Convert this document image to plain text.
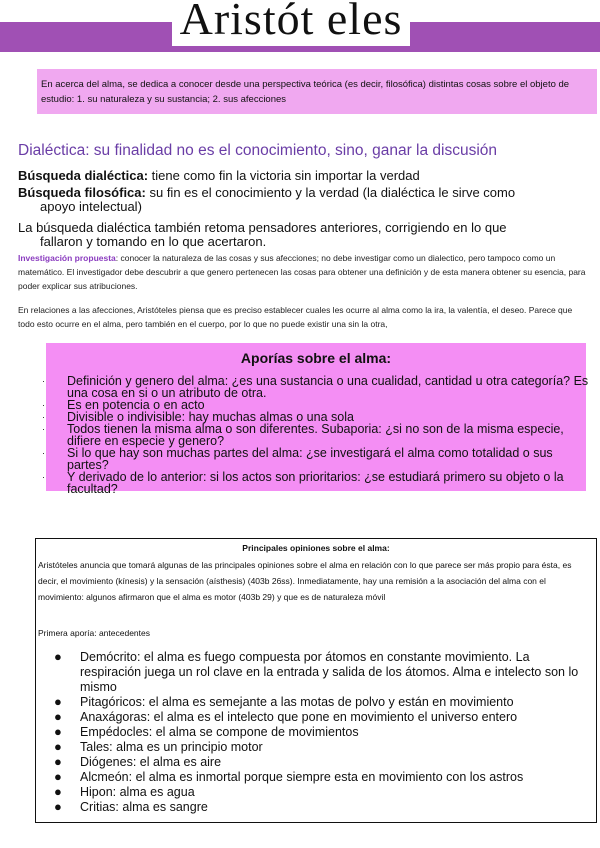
Aristót eles
En acerca del alma, se dedica a conocer desde una perspectiva teórica (es decir, filosófica) distintas cosas sobre el objeto de estudio: 1. su naturaleza y su sustancia; 2. sus afecciones
Dialéctica: su finalidad no es el conocimiento, sino, ganar la discusión
Búsqueda dialéctica: tiene como fin la victoria sin importar la verdad
Búsqueda filosófica: su fin es el conocimiento y la verdad (la dialéctica le sirve como
apoyo intelectual)
La búsqueda dialéctica también retoma pensadores anteriores, corrigiendo en lo que
fallaron y tomando en lo que acertaron.
Investigación propuesta: conocer la naturaleza de las cosas y sus afecciones; no debe investigar como un dialectico, pero tampoco como un matemático. El investigador debe descubrir a que genero pertenecen las cosas para obtener una definición y de esta manera obtener su esencia, para poder explicar sus atribuciones.
En relaciones a las afecciones, Aristóteles piensa que es preciso establecer cuales les ocurre al alma como la ira, la valentía, el deseo. Parece que todo esto ocurre en el alma, pero también en el cuerpo, por lo que no puede existir una sin la otra,
Aporías sobre el alma:
· Definición y genero del alma: ¿es una sustancia o una cualidad, cantidad u otra categoría? Es una cosa en si o un atributo de otra.
· Es en potencia o en acto
· Divisible o indivisible: hay muchas almas o una sola
· Todos tienen la misma alma o son diferentes. Subaporia: ¿si no son de la misma especie, difiere en especie y genero?
· Si lo que hay son muchas partes del alma: ¿se investigará el alma como totalidad o sus partes?
· Y derivado de lo anterior: si los actos son prioritarios: ¿se estudiará primero su objeto o la facultad?
Principales opiniones sobre el alma:
Aristóteles anuncia que tomará algunas de las principales opiniones sobre el alma en relación con lo que parece ser más propio para ésta, es decir, el movimiento (kínesis) y la sensación (aísthesis) (403b 26ss). Inmediatamente, hay una remisión a la asociación del alma con el movimiento: algunos afirmaron que el alma es motor (403b 29) y que es de naturaleza móvil
Primera aporía: antecedentes
● Demócrito: el alma es fuego compuesta por átomos en constante movimiento. La respiración juega un rol clave en la entrada y salida de los átomos. Alma e intelecto son lo mismo
● Pitagóricos: el alma es semejante a las motas de polvo y están en movimiento
● Anaxágoras: el alma es el intelecto que pone en movimiento el universo entero
● Empédocles: el alma se compone de movimientos
● Tales: alma es un principio motor
● Diógenes: el alma es aire
● Alcmeón: el alma es inmortal porque siempre esta en movimiento con los astros
● Hipon: alma es agua
● Critias: alma es sangre
